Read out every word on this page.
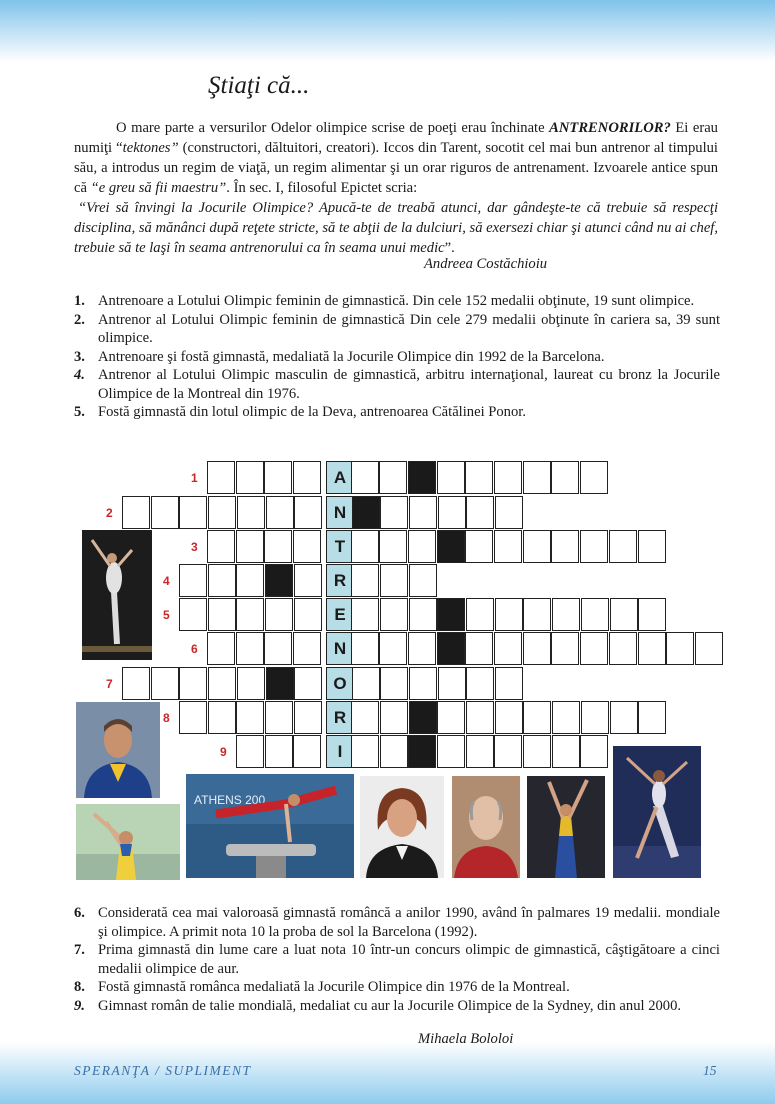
Ştiaţi că...
O mare parte a versurilor Odelor olimpice scrise de poeţi erau închinate ANTRENORILOR? Ei erau numiţi “tektones” (constructori, dăltuitori, creatori). Iccos din Tarent, socotit cel mai bun antrenor al timpului său, a introdus un regim de viaţă, un regim alimentar şi un orar riguros de antrenament. Izvoarele antice spun că “e greu să fii maestru”. În sec. I, filosoful Epictet scria:
“Vrei să învingi la Jocurile Olimpice? Apucă-te de treabă atunci, dar gândeşte-te că trebuie să respecţi disciplina, să mănânci după reţete stricte, să te abţii de la dulciuri, să exersezi chiar şi atunci când nu ai chef, trebuie să te laşi în seama antrenorului ca în seama unui medic”.
Andreea Costăchioiu
1. Antrenoare a Lotului Olimpic feminin de gimnastică. Din cele 152 medalii obţinute, 19 sunt olimpice.
2. Antrenor al Lotului Olimpic feminin de gimnastică Din cele 279 medalii obţinute în cariera sa, 39 sunt olimpice.
3. Antrenoare şi fostă gimnastă, medaliată la Jocurile Olimpice din 1992 de la Barcelona.
4. Antrenor al Lotului Olimpic masculin de gimnastică, arbitru internaţional, laureat cu bronz la Jocurile Olimpice de la Montreal din 1976.
5. Fostă gimnastă din lotul olimpic de la Deva, antrenoarea Cătălinei Ponor.
1	A
2	N
3	T
4	R
5	E
6	N
7	O
8	R
9	I
ATHENS 200
6. Considerată cea mai valoroasă gimnastă româncă a anilor 1990, având în palmares 19 medalii. mondiale şi olimpice. A primit nota 10 la proba de sol la Barcelona (1992).
7. Prima gimnastă din lume care a luat nota 10 într-un concurs olimpic de gimnastică, câştigătoare a cinci medalii olimpice de aur.
8. Fostă gimnastă românca medaliată la Jocurile Olimpice din 1976 de la Montreal.
9. Gimnast român de talie mondială, medaliat cu aur la Jocurile Olimpice de la Sydney, din anul 2000.
Mihaela Bololoi
SPERANŢA / SUPLIMENT	15
